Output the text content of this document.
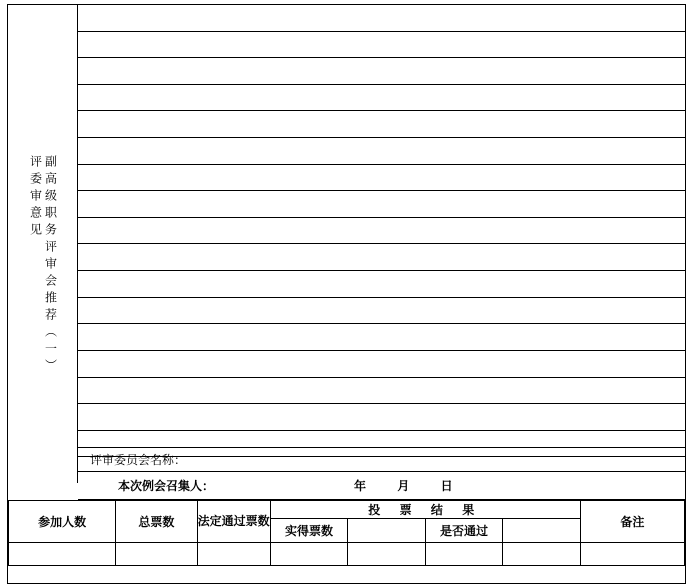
副高级职务评审会推荐（一）
评委审意见
评审委员会名称：
本次例会召集人：	年 月 日
参加人数	总票数	法定通过票数	投 票 结 果				备注
			实得票数		是否通过		
